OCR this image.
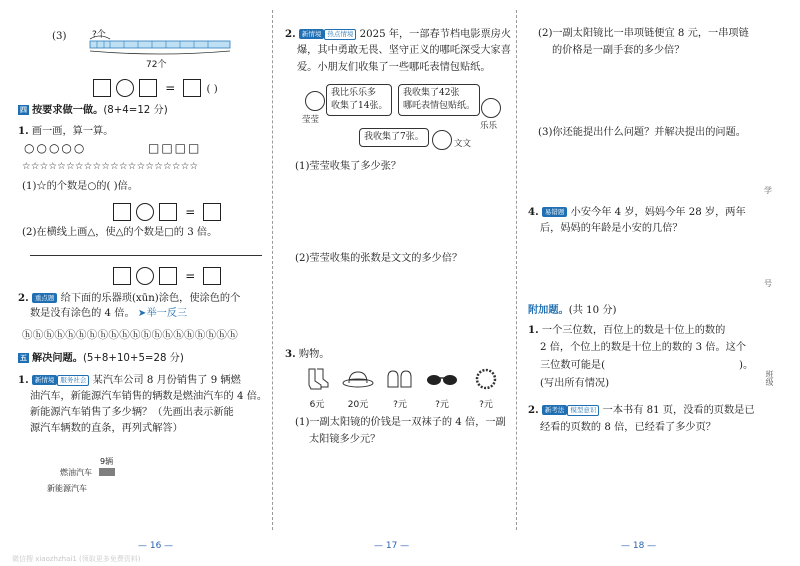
(3)	?个
72个
=	( )
四 按要求做一做。(8+4=12 分)
1. 画一画，算一算。
○○○○○	□□□□
☆☆☆☆☆☆☆☆☆☆☆☆☆☆☆☆☆☆☆☆
(1)☆的个数是○的( )倍。
=
(2)在横线上画△，使△的个数是□的 3 倍。
=
2. 重点题 给下面的乐器琐(xūn)涂色，使涂色的个
数是没有涂色的 4 倍。 ➤举一反三
ⓗⓗⓗⓗⓗⓗⓗⓗⓗⓗⓗⓗⓗⓗⓗⓗⓗⓗⓗⓗ
五 解决问题。(5+8+10+5=28 分)
1. 新情境 服务社会 某汽车公司 8 月份销售了 9 辆燃
油汽车，新能源汽车销售的辆数是燃油汽车的 4 倍。
新能源汽车销售了多少辆？（先画出表示新能
源汽车辆数的直条，再列式解答）
9辆
燃油汽车
新能源汽车
— 16 —
微信搜 xiaozhzhai1 (领取更多免费资料)
2. 新情境 热点情境 2025 年，一部春节档电影票房火
爆，其中勇敢无畏、坚守正义的哪吒深受大家喜
爱。小朋友们收集了一些哪吒表情包贴纸。
莹莹
我比乐乐多
收集了14张。
我收集了42张
哪吒表情包贴纸。
乐乐
我收集了7张。
文文
(1)莹莹收集了多少张？
(2)莹莹收集的张数是文文的多少倍？
3. 购物。
6元	20元	?元	?元	?元
(1)一副太阳镜的价钱是一双袜子的 4 倍，一副
太阳镜多少元？
— 17 —
(2)一副太阳镜比一串项链便宜 8 元，一串项链
的价格是一副手套的多少倍？
(3)你还能提出什么问题？并解决提出的问题。
4. 易错题 小安今年 4 岁，妈妈今年 28 岁，两年
后，妈妈的年龄是小安的几倍？
附加题。(共 10 分)
1. 一个三位数，百位上的数是十位上的数的
2 倍，个位上的数是十位上的数的 3 倍。这个
三位数可能是(	)。
(写出所有情况)
2. 新考法 模型意识 一本书有 81 页，没看的页数是已
经看的页数的 8 倍，已经看了多少页？
— 18 —
学
号
班级
